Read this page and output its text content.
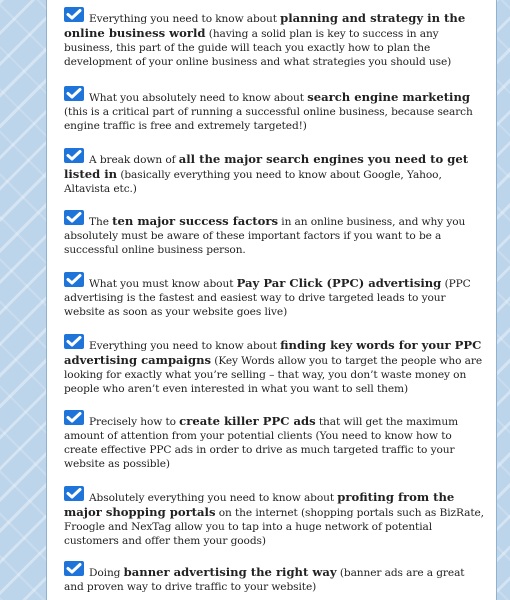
Everything you need to know about planning and strategy in the online business world (having a solid plan is key to success in any business, this part of the guide will teach you exactly how to plan the development of your online business and what strategies you should use)
What you absolutely need to know about search engine marketing (this is a critical part of running a successful online business, because search engine traffic is free and extremely targeted!)
A break down of all the major search engines you need to get listed in (basically everything you need to know about Google, Yahoo, Altavista etc.)
The ten major success factors in an online business, and why you absolutely must be aware of these important factors if you want to be a successful online business person.
What you must know about Pay Par Click (PPC) advertising (PPC advertising is the fastest and easiest way to drive targeted leads to your website as soon as your website goes live)
Everything you need to know about finding key words for your PPC advertising campaigns (Key Words allow you to target the people who are looking for exactly what you’re selling – that way, you don’t waste money on people who aren’t even interested in what you want to sell them)
Precisely how to create killer PPC ads that will get the maximum amount of attention from your potential clients (You need to know how to create effective PPC ads in order to drive as much targeted traffic to your website as possible)
Absolutely everything you need to know about profiting from the major shopping portals on the internet (shopping portals such as BizRate, Froogle and NexTag allow you to tap into a huge network of potential customers and offer them your goods)
Doing banner advertising the right way (banner ads are a great and proven way to drive traffic to your website)
